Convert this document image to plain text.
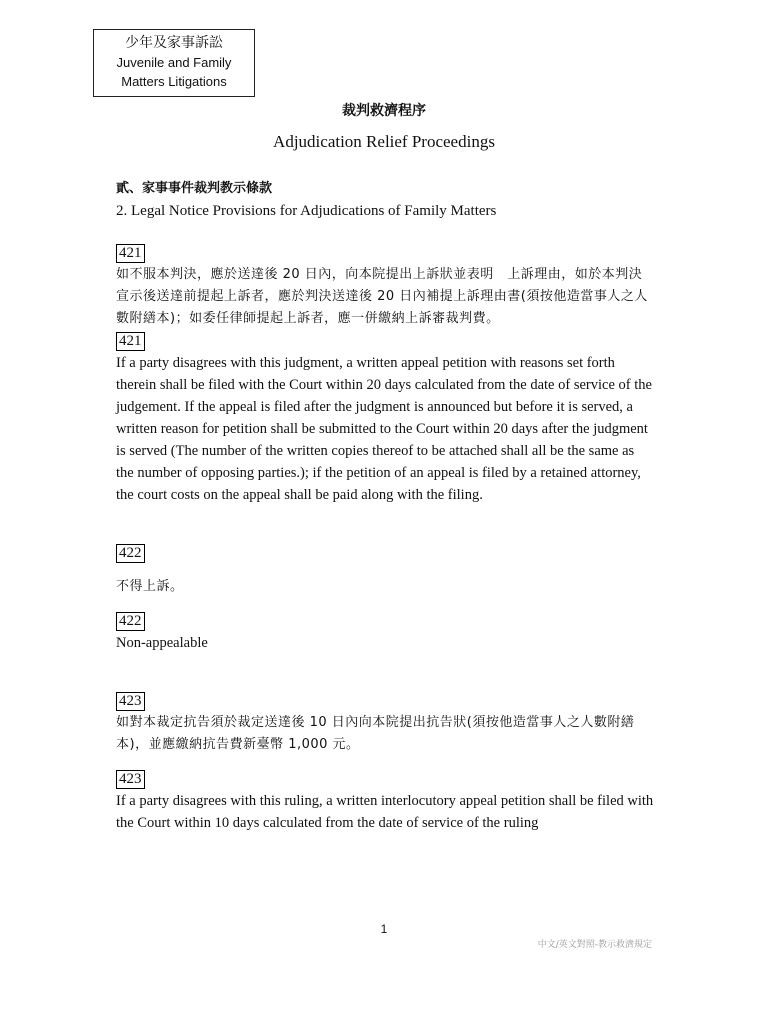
少年及家事訴訟
Juvenile and Family
Matters Litigations
裁判救濟程序
Adjudication Relief Proceedings

貳、家事事件裁判教示條款

2. Legal Notice Provisions for Adjudications of Family Matters

421

如不服本判決，應於送達後 20 日內，向本院提出上訴狀並表明　上訴理由，如於本判決宣示後送達前提起上訴者，應於判決送達後 20 日內補提上訴理由書(須按他造當事人之人數附繕本)；如委任律師提起上訴者，應一併繳納上訴審裁判費。

421

If a party disagrees with this judgment, a written appeal petition with reasons set forth therein shall be filed with the Court within 20 days calculated from the date of service of the judgement. If the appeal is filed after the judgment is announced but before it is served, a written reason for petition shall be submitted to the Court within 20 days after the judgment is served (The number of the written copies thereof to be attached shall all be the same as the number of opposing parties.); if the petition of an appeal is filed by a retained attorney, the court costs on the appeal shall be paid along with the filing.

422

不得上訴。

422

Non-appealable

423

如對本裁定抗告須於裁定送達後 10 日內向本院提出抗告狀(須按他造當事人之人數附繕本)，並應繳納抗告費新臺幣 1,000 元。

423

If a party disagrees with this ruling, a written interlocutory appeal petition shall be filed with the Court within 10 days calculated from the date of service of the ruling

1
中文/英文對照-教示救濟規定
